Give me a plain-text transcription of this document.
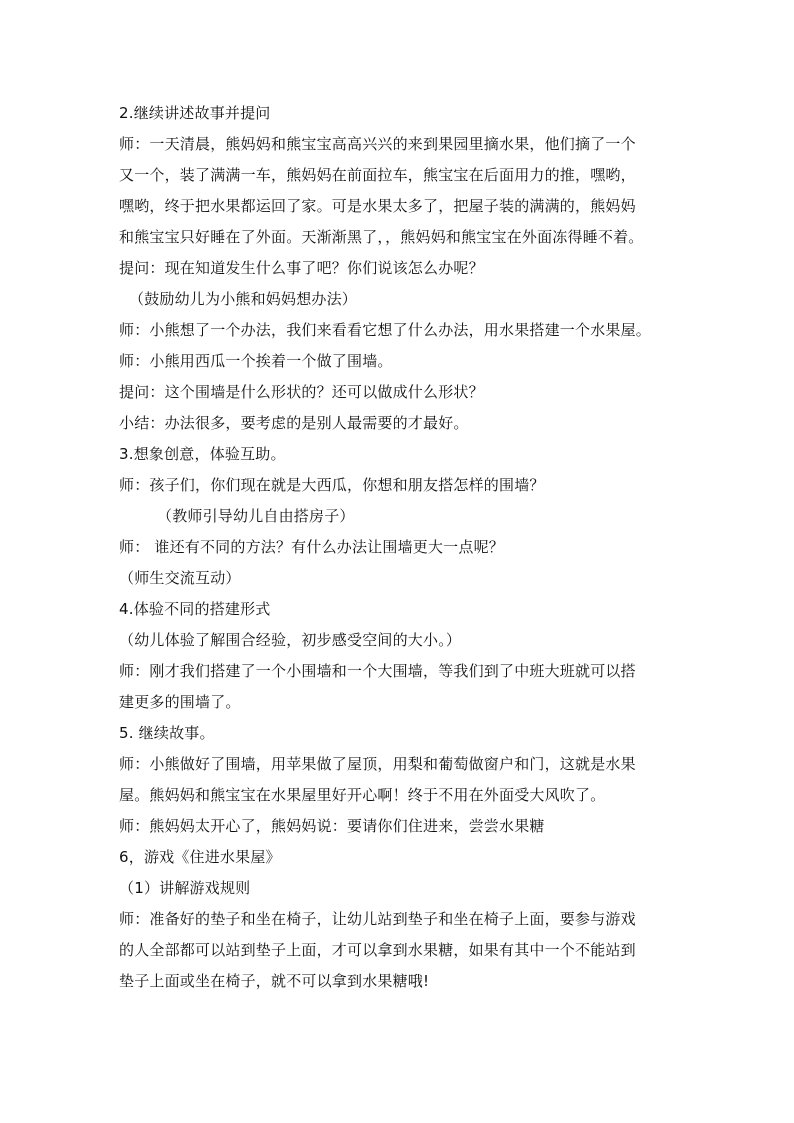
2.继续讲述故事并提问
师：一天清晨，熊妈妈和熊宝宝高高兴兴的来到果园里摘水果，他们摘了一个
又一个，装了满满一车，熊妈妈在前面拉车，熊宝宝在后面用力的推，嘿哟，
嘿哟，终于把水果都运回了家。可是水果太多了，把屋子装的满满的，熊妈妈
和熊宝宝只好睡在了外面。天渐渐黑了，，熊妈妈和熊宝宝在外面冻得睡不着。
提问：现在知道发生什么事了吧？你们说该怎么办呢？
（鼓励幼儿为小熊和妈妈想办法）
师：小熊想了一个办法，我们来看看它想了什么办法，用水果搭建一个水果屋。
师：小熊用西瓜一个挨着一个做了围墙。
提问：这个围墙是什么形状的？还可以做成什么形状？
小结：办法很多，要考虑的是别人最需要的才最好。
3.想象创意，体验互助。
师：孩子们，你们现在就是大西瓜，你想和朋友搭怎样的围墙？
（教师引导幼儿自由搭房子）
师： 谁还有不同的方法？有什么办法让围墙更大一点呢？
（师生交流互动）
4.体验不同的搭建形式
（幼儿体验了解围合经验，初步感受空间的大小。）
师：刚才我们搭建了一个小围墙和一个大围墙，等我们到了中班大班就可以搭
建更多的围墙了。
5. 继续故事。
师：小熊做好了围墙，用苹果做了屋顶，用梨和葡萄做窗户和门，这就是水果
屋。熊妈妈和熊宝宝在水果屋里好开心啊！终于不用在外面受大风吹了。
师：熊妈妈太开心了，熊妈妈说：要请你们住进来，尝尝水果糖
6，游戏《住进水果屋》
（1）讲解游戏规则
师：准备好的垫子和坐在椅子，让幼儿站到垫子和坐在椅子上面，要参与游戏
的人全部都可以站到垫子上面，才可以拿到水果糖，如果有其中一个不能站到
垫子上面或坐在椅子，就不可以拿到水果糖哦!
